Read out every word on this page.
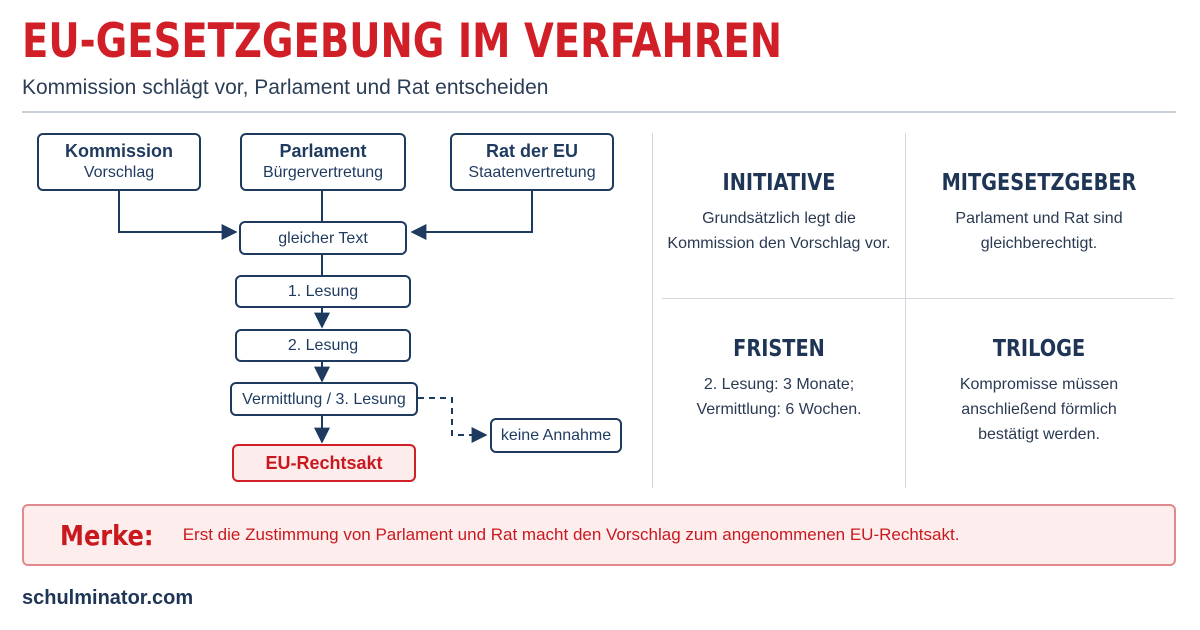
EU-GESETZGEBUNG IM VERFAHREN
Kommission schlägt vor, Parlament und Rat entscheiden
Kommission
Vorschlag
Parlament
Bürgervertretung
Rat der EU
Staatenvertretung
gleicher Text
1. Lesung
2. Lesung
Vermittlung / 3. Lesung
keine Annahme
EU-Rechtsakt
INITIATIVE

Grundsätzlich legt die
Kommission den Vorschlag vor.

MITGESETZGEBER

Parlament und Rat sind
gleichberechtigt.

FRISTEN

2. Lesung: 3 Monate;
Vermittlung: 6 Wochen.

TRILOGE

Kompromisse müssen
anschließend förmlich
bestätigt werden.

Merke: Erst die Zustimmung von Parlament und Rat macht den Vorschlag zum angenommenen EU-Rechtsakt.
schulminator.com
